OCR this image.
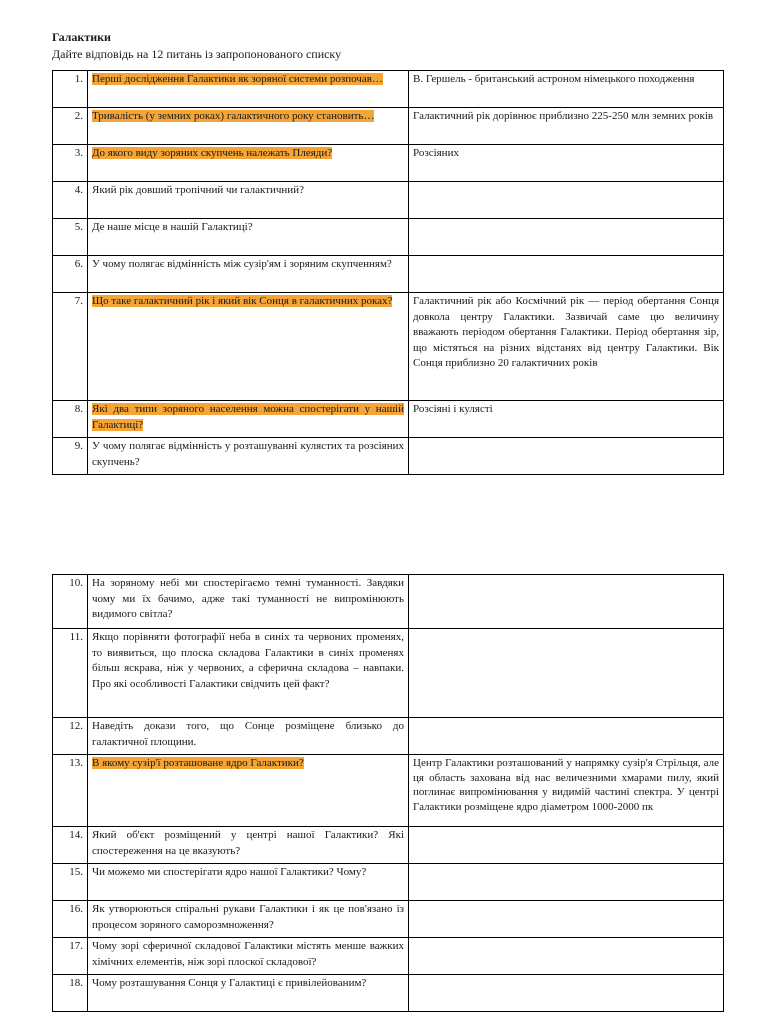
Галактики
Дайте відповідь на 12 питань із запропонованого списку
1.	Перші дослідження Галактики як зоряної системи розпочав…	В. Гершель - британський астроном німецького походження
2.	Тривалість (у земних роках) галактичного року становить…	Галактичний рік дорівнює приблизно 225-250 млн земних років
3.	До якого виду зоряних скупчень належать Плеяди?	Розсіяних
4.	Який рік довший тропічний чи галактичний?	
5.	Де наше місце в нашій Галактиці?	
6.	У чому полягає відмінність між сузір'ям і зоряним скупченням?	
7.	Що таке галактичний рік і який вік Сонця в галактичних роках?	Галактичний рік або Космічний рік — період обертання Сонця довкола центру Галактики. Зазвичай саме цю величину вважають періодом обертання Галактики. Період обертання зір, що містяться на різних відстанях від центру Галактики. Вік Сонця приблизно 20 галактичних років
8.	Які два типи зоряного населення можна спостерігати у нашій Галактиці?	Розсіяні і кулясті
9.	У чому полягає відмінність у розташуванні кулястих та розсіяних скупчень?	
10.	На зоряному небі ми спостерігаємо темні туманності. Завдяки чому ми їх бачимо, адже такі туманності не випромінюють видимого світла?	
11.	Якщо порівняти фотографії неба в синіх та червоних променях, то виявиться, що плоска складова Галактики в синіх променях більш яскрава, ніж у червоних, а сферична складова – навпаки. Про які особливості Галактики свідчить цей факт?	
12.	Наведіть докази того, що Сонце розміщене близько до галактичної площини.	
13.	В якому сузір'ї розташоване ядро Галактики?	Центр Галактики розташований у напрямку сузір'я Стрільця, але ця область захована від нас величезними хмарами пилу, який поглинає випромінювання у видимій частині спектра. У центрі Галактики розміщене ядро діаметром 1000-2000 пк
14.	Який об'єкт розміщений у центрі нашої Галактики? Які спостереження на це вказують?	
15.	Чи можемо ми спостерігати ядро нашої Галактики? Чому?	
16.	Як утворюються спіральні рукави Галактики і як це пов'язано із процесом зоряного саморозмноження?	
17.	Чому зорі сферичної складової Галактики містять менше важких хімічних елементів, ніж зорі плоскої складової?	
18.	Чому розташування Сонця у Галактиці є привілейованим?	
